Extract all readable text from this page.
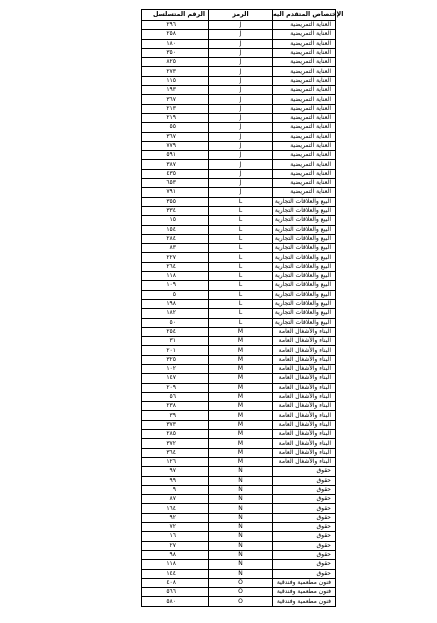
الرقم المتسلسل	الرمز	الإختصاص المتقدم اليه
٢٩٦	J	العناية التمريضية
٢٥٨	J	العناية التمريضية
١٨٠	J	العناية التمريضية
٣٥٠	J	العناية التمريضية
٨٢٥	J	العناية التمريضية
٢٧٣	J	العناية التمريضية
١١٥	J	العناية التمريضية
١٩٣	J	العناية التمريضية
٣٦٧	J	العناية التمريضية
٢١٣	J	العناية التمريضية
٢١٩	J	العناية التمريضية
٥٥	J	العناية التمريضية
٣٦٧	J	العناية التمريضية
٧٧٩	J	العناية التمريضية
٥٩١	J	العناية التمريضية
٣٨٧	J	العناية التمريضية
٤٣٥	J	العناية التمريضية
٦٥٣	J	العناية التمريضية
٧٩١	J	العناية التمريضية
٣٥٥	L	البيع والعلاقات التجارية
٣٣٤	L	البيع والعلاقات التجارية
١٥	L	البيع والعلاقات التجارية
١٥٤	L	البيع والعلاقات التجارية
٢٨٤	L	البيع والعلاقات التجارية
٨٣	L	البيع والعلاقات التجارية
٢٢٧	L	البيع والعلاقات التجارية
٢٦٤	L	البيع والعلاقات التجارية
١١٨	L	البيع والعلاقات التجارية
١٠٩	L	البيع والعلاقات التجارية
٥	L	البيع والعلاقات التجارية
١٩٨	L	البيع والعلاقات التجارية
١٨٢	L	البيع والعلاقات التجارية
٥٠	L	البيع والعلاقات التجارية
٢٥٤	M	البناء والأشغال العامة
٣١	M	البناء والأشغال العامة
٢٠١	M	البناء والأشغال العامة
٣٢٥	M	البناء والأشغال العامة
١٠٢	M	البناء والأشغال العامة
١٤٧	M	البناء والأشغال العامة
٢٠٩	M	البناء والأشغال العامة
٥٦	M	البناء والأشغال العامة
٢٣٨	M	البناء والأشغال العامة
٣٩	M	البناء والأشغال العامة
٣٧٣	M	البناء والأشغال العامة
٢٨٥	M	البناء والأشغال العامة
٣٧٢	M	البناء والأشغال العامة
٣٦٤	M	البناء والأشغال العامة
١٢٦	M	البناء والأشغال العامة
٩٧	N	حقوق
٩٩	N	حقوق
٩	N	حقوق
٨٧	N	حقوق
١٦٤	N	حقوق
٩٢	N	حقوق
٧٢	N	حقوق
١٦	N	حقوق
٢٧	N	حقوق
٩٨	N	حقوق
١١٨	N	حقوق
١٤٤	N	حقوق
٤٠٨	O	فنون مطعمية وفندقية
٥٦٦	O	فنون مطعمية وفندقية
٥٨٠	O	فنون مطعمية وفندقية
